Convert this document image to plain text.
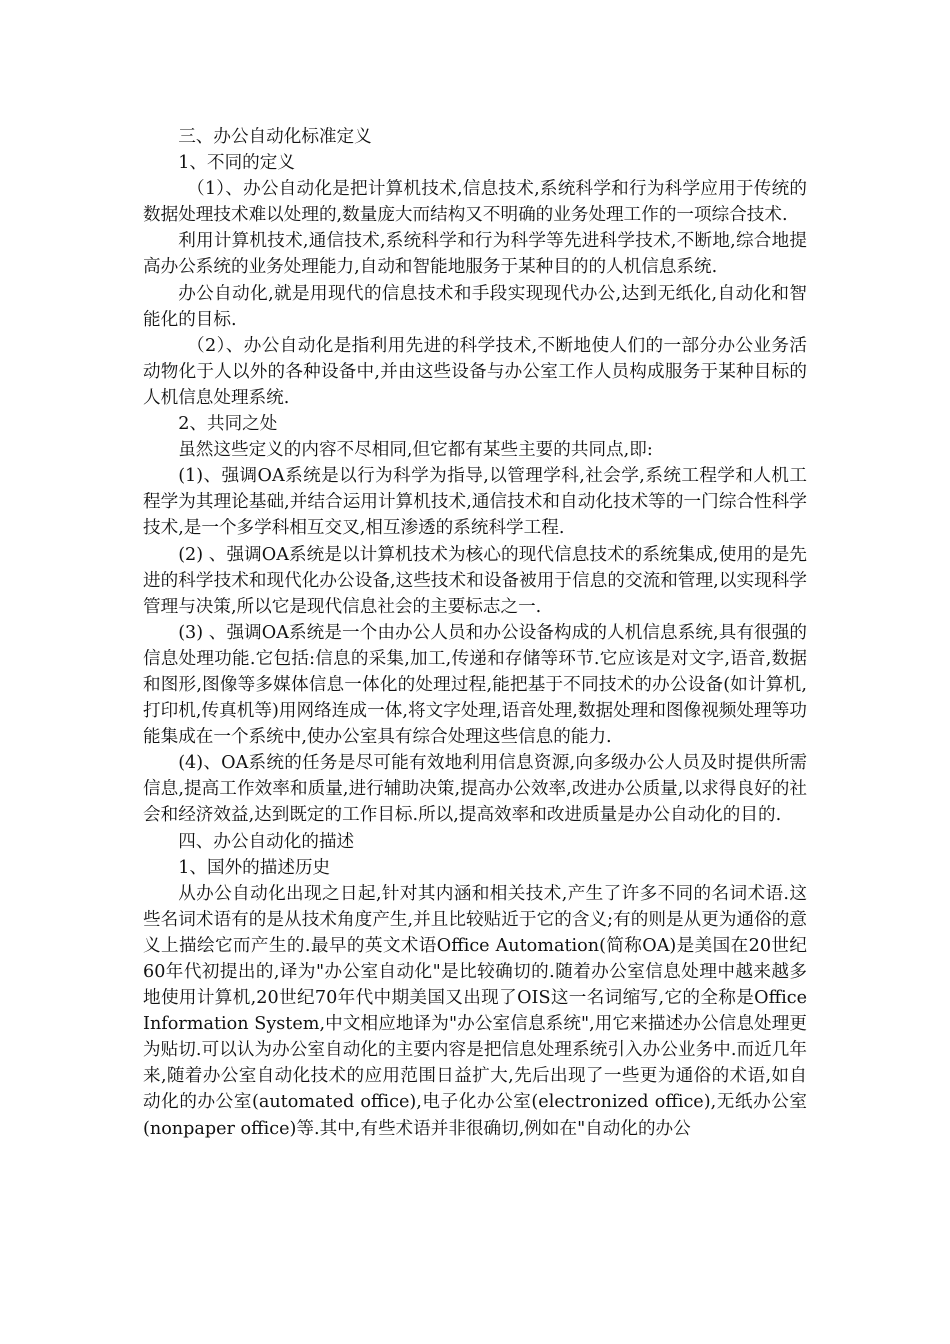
三、办公自动化标准定义

1、不同的定义

（1）、办公自动化是把计算机技术,信息技术,系统科学和行为科学应用于传统的数据处理技术难以处理的,数量庞大而结构又不明确的业务处理工作的一项综合技术.

利用计算机技术,通信技术,系统科学和行为科学等先进科学技术,不断地,综合地提高办公系统的业务处理能力,自动和智能地服务于某种目的的人机信息系统.

办公自动化,就是用现代的信息技术和手段实现现代办公,达到无纸化,自动化和智能化的目标.

（2）、办公自动化是指利用先进的科学技术,不断地使人们的一部分办公业务活动物化于人以外的各种设备中,并由这些设备与办公室工作人员构成服务于某种目标的人机信息处理系统.

2、共同之处

虽然这些定义的内容不尽相同,但它都有某些主要的共同点,即:

(1)、强调OA系统是以行为科学为指导,以管理学科,社会学,系统工程学和人机工程学为其理论基础,并结合运用计算机技术,通信技术和自动化技术等的一门综合性科学技术,是一个多学科相互交叉,相互渗透的系统科学工程.

(2) 、强调OA系统是以计算机技术为核心的现代信息技术的系统集成,使用的是先进的科学技术和现代化办公设备,这些技术和设备被用于信息的交流和管理,以实现科学管理与决策,所以它是现代信息社会的主要标志之一.

(3) 、强调OA系统是一个由办公人员和办公设备构成的人机信息系统,具有很强的信息处理功能.它包括:信息的采集,加工,传递和存储等环节.它应该是对文字,语音,数据和图形,图像等多媒体信息一体化的处理过程,能把基于不同技术的办公设备(如计算机,打印机,传真机等)用网络连成一体,将文字处理,语音处理,数据处理和图像视频处理等功能集成在一个系统中,使办公室具有综合处理这些信息的能力.

(4)、OA系统的任务是尽可能有效地利用信息资源,向多级办公人员及时提供所需信息,提高工作效率和质量,进行辅助决策,提高办公效率,改进办公质量,以求得良好的社会和经济效益,达到既定的工作目标.所以,提高效率和改进质量是办公自动化的目的.

四、办公自动化的描述

1、国外的描述历史

从办公自动化出现之日起,针对其内涵和相关技术,产生了许多不同的名词术语.这些名词术语有的是从技术角度产生,并且比较贴近于它的含义;有的则是从更为通俗的意义上描绘它而产生的.最早的英文术语Office Automation(简称OA)是美国在20世纪60年代初提出的,译为"办公室自动化"是比较确切的.随着办公室信息处理中越来越多地使用计算机,20世纪70年代中期美国又出现了OIS这一名词缩写,它的全称是Office Information System,中文相应地译为"办公室信息系统",用它来描述办公信息处理更为贴切.可以认为办公室自动化的主要内容是把信息处理系统引入办公业务中.而近几年来,随着办公室自动化技术的应用范围日益扩大,先后出现了一些更为通俗的术语,如自动化的办公室(automated office),电子化办公室(electronized office),无纸办公室(nonpaper office)等.其中,有些术语并非很确切,例如在"自动化的办公
